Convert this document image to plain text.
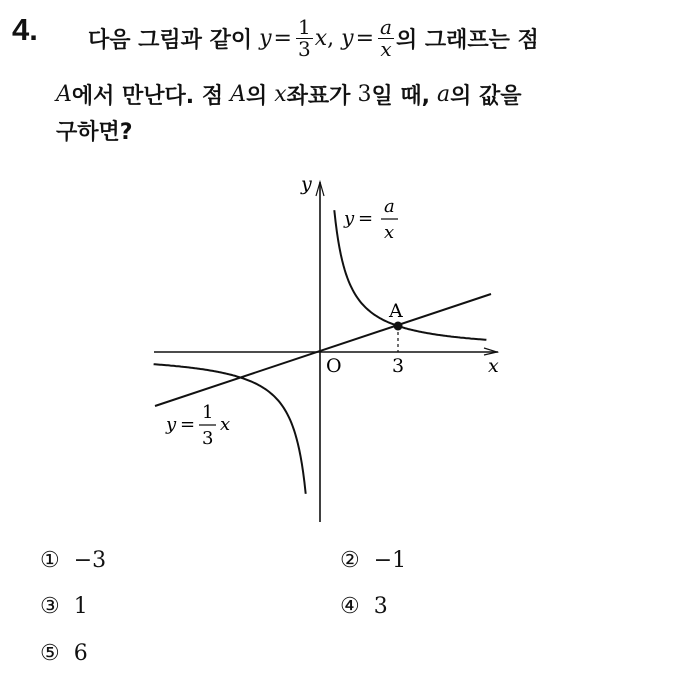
4. 다음 그림과 같이 $y = \frac{1}{3}$ x , $y = \frac{a}{x}$ 의 그래프는 점
A 에서 만난다. 점 A 의 x 좌표가 3 일 때, a 의 값을
구하면?
x
y
O	3
A
y =
a
x
y =
1
3
x
① −3	② −1
③ 1	④ 3
⑤ 6
